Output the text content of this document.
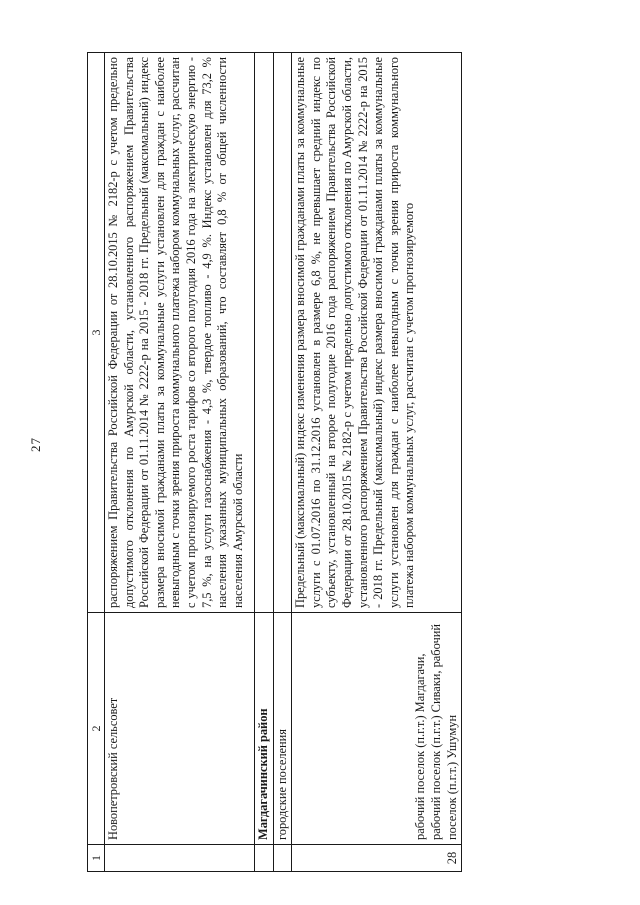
27
1	2	3
	Новопетровский сельсовет	распоряжением Правительства Российской Федерации от 28.10.2015 № 2182-р с учетом предельно допустимого отклонения по Амурской области, установленного распоряжением Правительства Российской Федерации от 01.11.2014 № 2222-р на 2015 - 2018 гг. Предельный (максимальный) индекс размера вносимой гражданами платы за коммунальные услуги установлен для граждан с наиболее невыгодным с точки зрения прироста коммунального платежа набором коммунальных услуг, рассчитан с учетом прогнозируемого роста тарифов со второго полугодия 2016 года на электрическую энергию - 7,5 %, на услуги газоснабжения - 4,3 %, твердое топливо - 4,9 %. Индекс установлен для 73,2 % населения указанных муниципальных образований, что составляет 0,8 % от общей численности населения Амурской области
	Магдагачинский район	
	городские поселения	
28	рабочий поселок (п.г.т.) Магдагачи, рабочий поселок (п.г.т.) Сиваки, рабочий поселок (п.г.т.) Ушумун	Предельный (максимальный) индекс изменения размера вносимой гражданами платы за коммунальные услуги с 01.07.2016 по 31.12.2016 установлен в размере 6,8 %, не превышает средний индекс по субъекту, установленный на второе полугодие 2016 года распоряжением Правительства Российской Федерации от 28.10.2015 № 2182-р с учетом предельно допустимого отклонения по Амурской области, установленного распоряжением Правительства Российской Федерации от 01.11.2014 № 2222-р на 2015 - 2018 гг. Предельный (максимальный) индекс размера вносимой гражданами платы за коммунальные услуги установлен для граждан с наиболее невыгодным с точки зрения прироста коммунального платежа набором коммунальных услуг, рассчитан с учетом прогнозируемого
